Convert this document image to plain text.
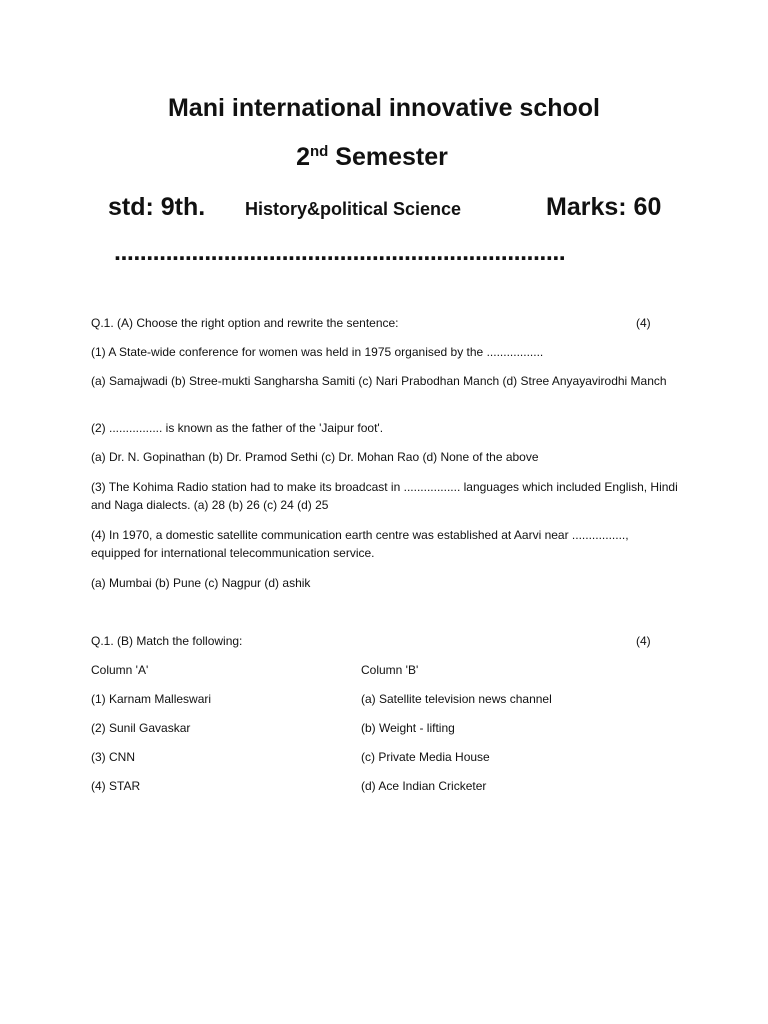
Mani international innovative school
2nd Semester
std: 9th. History&political Science	Marks: 60
......................................................................
Q.1. (A) Choose the right option and rewrite the sentence:	(4)
(1) A State-wide conference for women was held in 1975 organised by the .................
(a) Samajwadi (b) Stree-mukti Sangharsha Samiti (c) Nari Prabodhan Manch (d) Stree Anyayavirodhi Manch
(2) ................ is known as the father of the 'Jaipur foot'.
(a) Dr. N. Gopinathan (b) Dr. Pramod Sethi (c) Dr. Mohan Rao (d) None of the above
(3) The Kohima Radio station had to make its broadcast in ................. languages which included English, Hindi and Naga dialects. (a) 28 (b) 26 (c) 24 (d) 25
(4) In 1970, a domestic satellite communication earth centre was established at Aarvi near ................, equipped for international telecommunication service.
(a) Mumbai (b) Pune (c) Nagpur (d) ashik
Q.1. (B) Match the following:	(4)
Column 'A'	Column 'B'
(1) Karnam Malleswari	(a) Satellite television news channel
(2) Sunil Gavaskar	(b) Weight - lifting
(3) CNN	(c) Private Media House
(4) STAR	(d) Ace Indian Cricketer
